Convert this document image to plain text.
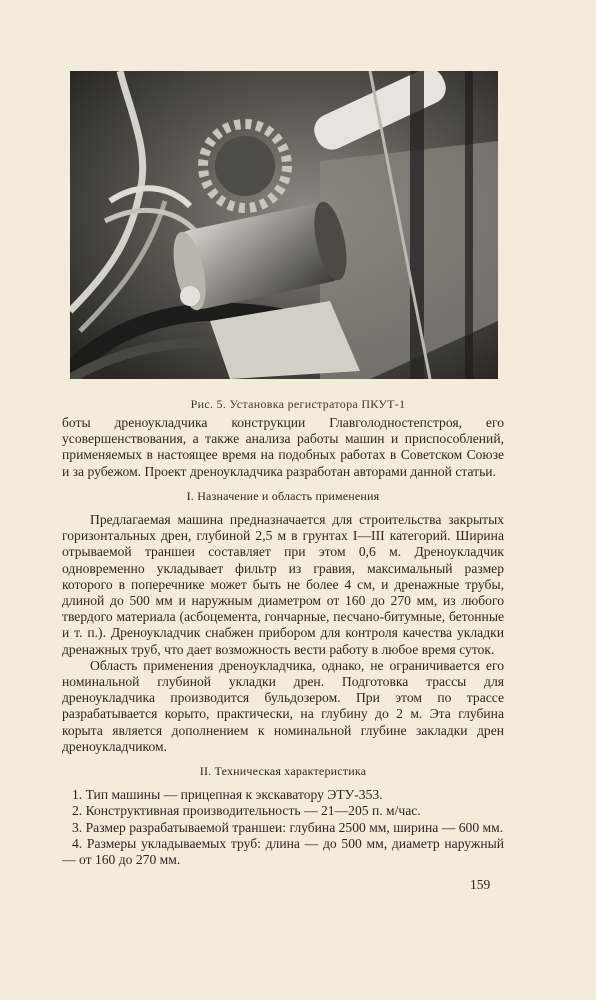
Рис. 5. Установка регистратора ПКУТ-1

боты дреноукладчика конструкции Главголодностепстроя, его усовершенствования, а также анализа работы машин и приспособлений, применяемых в настоящее время на подобных работах в Советском Союзе и за рубежом. Проект дреноукладчика разработан авторами данной статьи.

I. Назначение и область применения

Предлагаемая машина предназначается для строительства закрытых горизонтальных дрен, глубиной 2,5 м в грунтах I—III категорий. Ширина отрываемой траншеи составляет при этом 0,6 м. Дреноукладчик одновременно укладывает фильтр из гравия, максимальный размер которого в поперечнике может быть не более 4 см, и дренажные трубы, длиной до 500 мм и наружным диаметром от 160 до 270 мм, из любого твердого материала (асбоцемента, гончарные, песчано-битумные, бетонные и т. п.). Дреноукладчик снабжен прибором для контроля качества укладки дренажных труб, что дает возможность вести работу в любое время суток.

Область применения дреноукладчика, однако, не ограничивается его номинальной глубиной укладки дрен. Подготовка трассы для дреноукладчика производится бульдозером. При этом по трассе разрабатывается корыто, практически, на глубину до 2 м. Эта глубина корыта является дополнением к номинальной глубине закладки дрен дреноукладчиком.

II. Техническая характеристика

1. Тип машины — прицепная к экскаватору ЭТУ-353.

2. Конструктивная производительность — 21—205 п. м/час.

3. Размер разрабатываемой траншеи: глубина 2500 мм, ширина — 600 мм.

4. Размеры укладываемых труб: длина — до 500 мм, диаметр наружный — от 160 до 270 мм.

159
